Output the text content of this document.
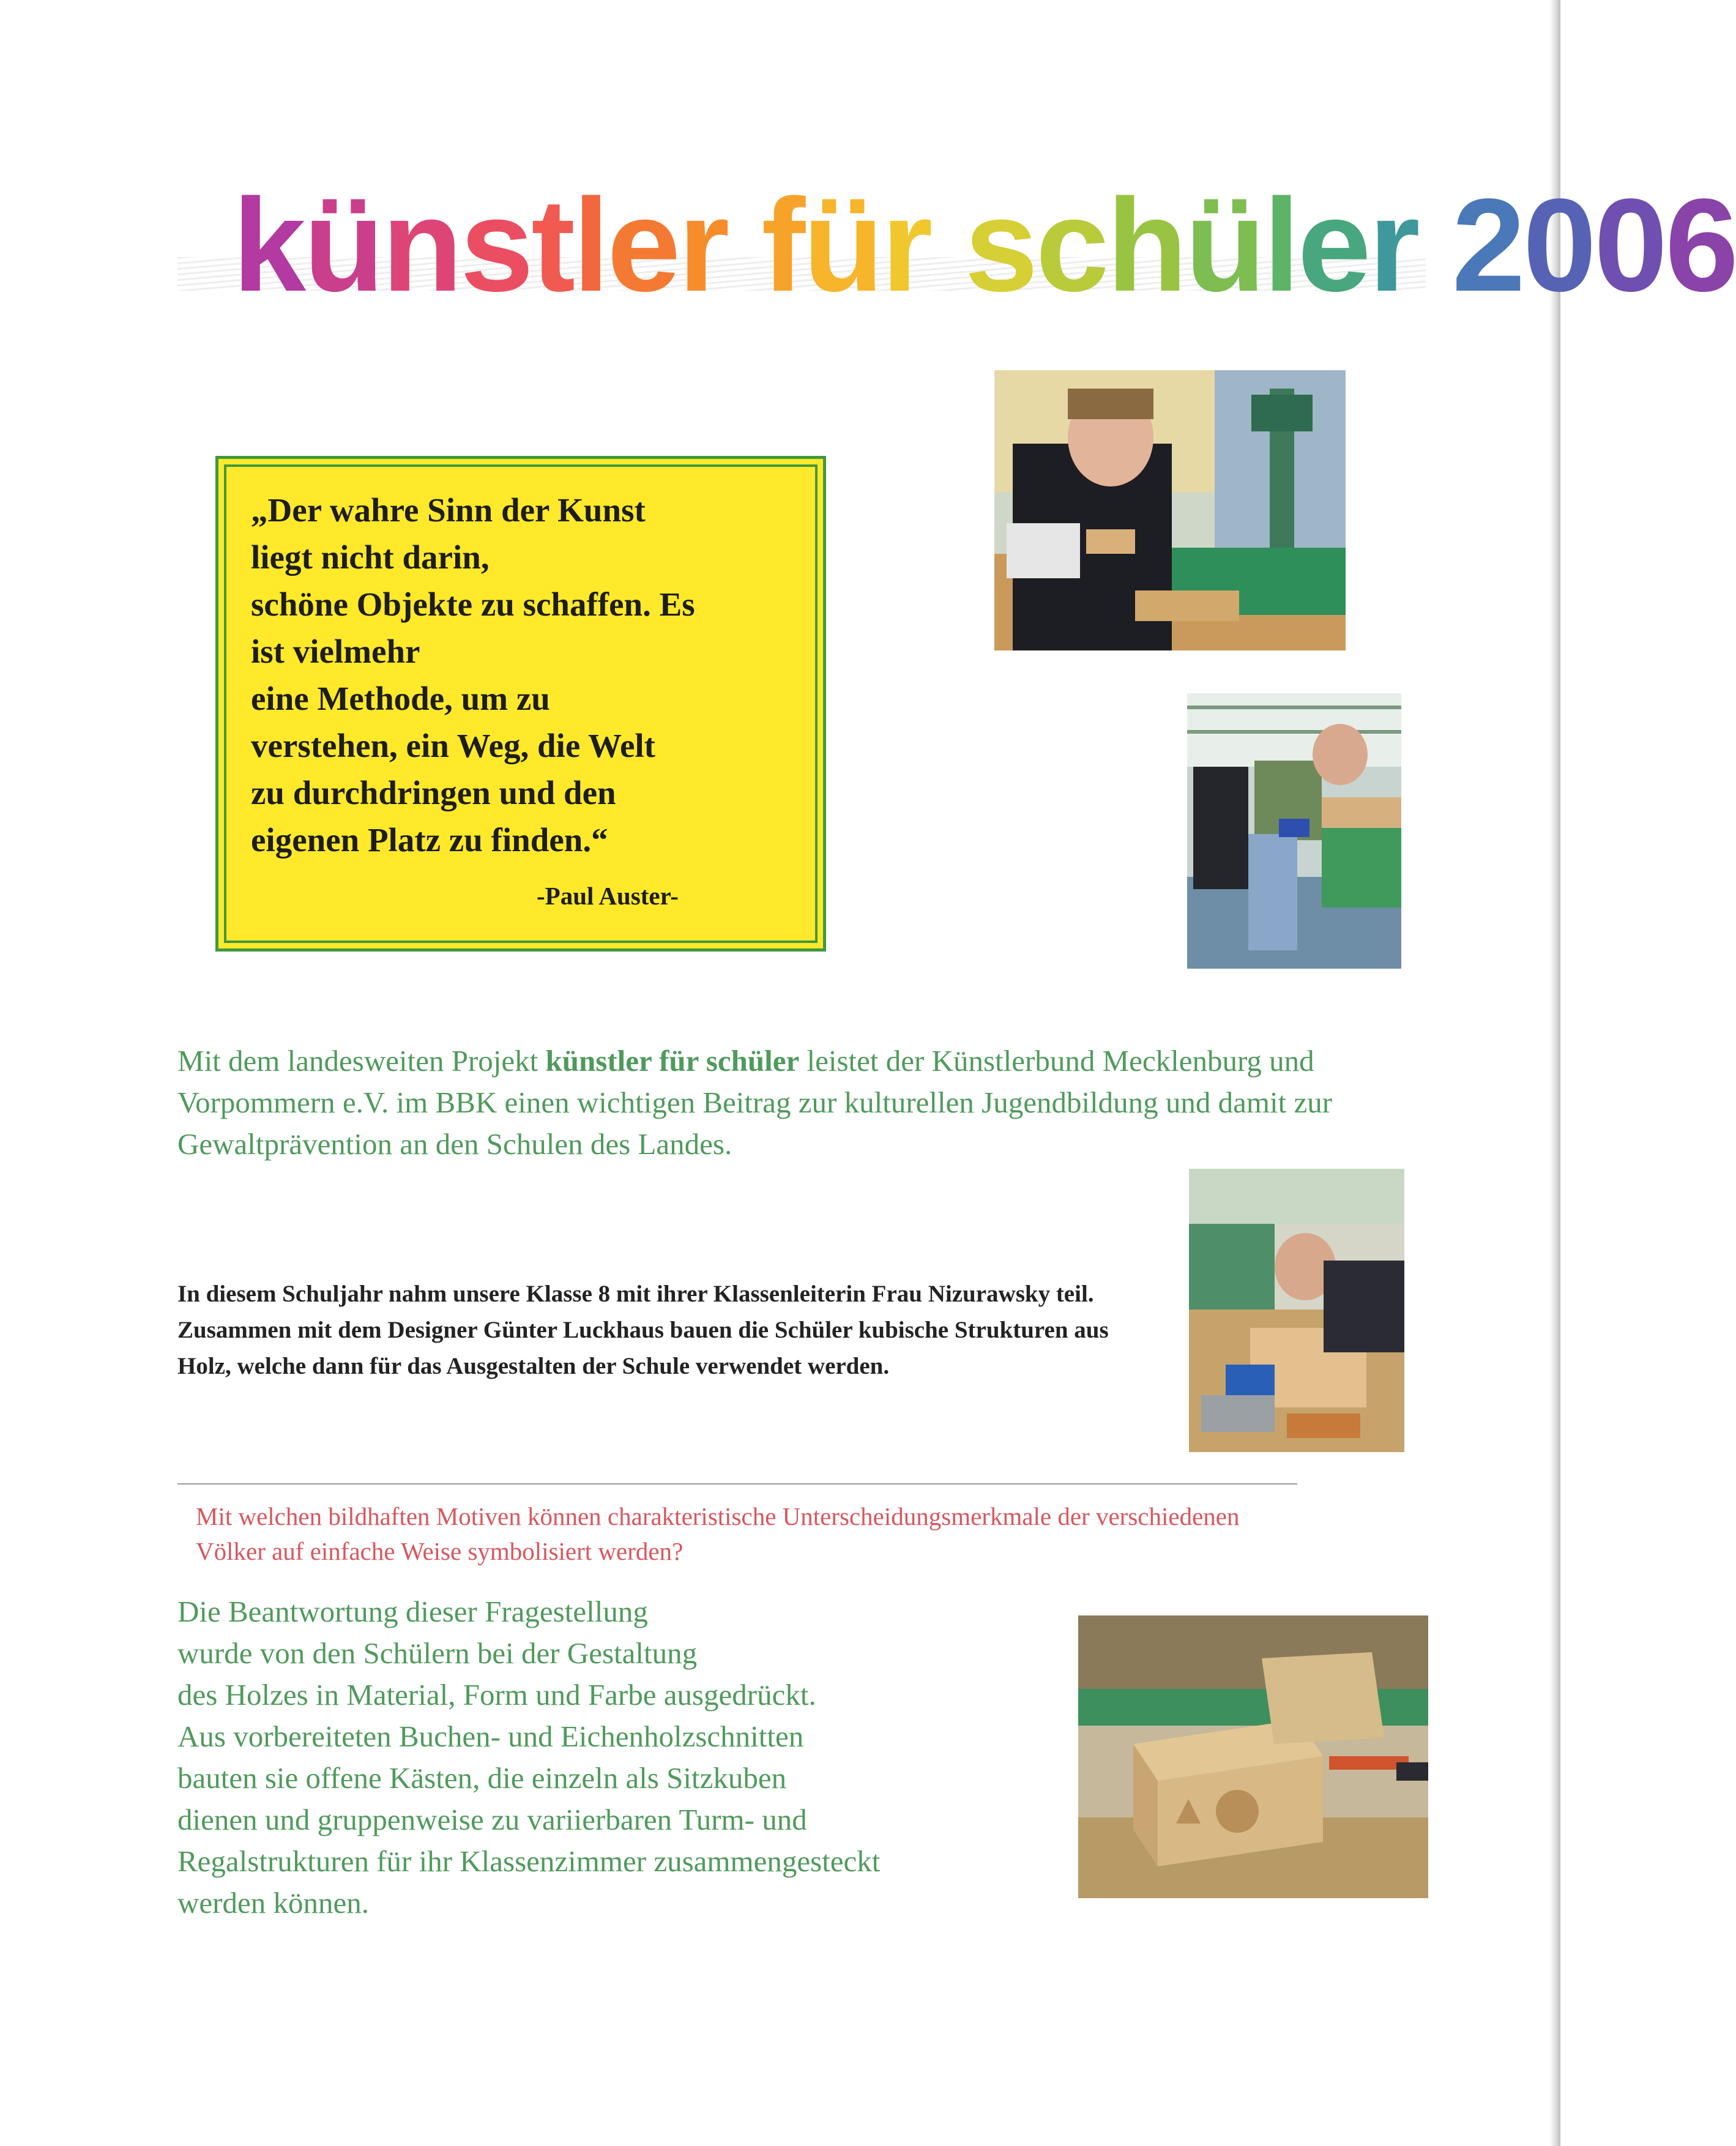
künstler für schüler 2006
„Der wahre Sinn der Kunst
liegt nicht darin,
schöne Objekte zu schaffen. Es
ist vielmehr
eine Methode, um zu
verstehen, ein Weg, die Welt
zu durchdringen und den
eigenen Platz zu finden.“
-Paul Auster-
Mit dem landesweiten Projekt künstler für schüler leistet der Künstlerbund Mecklenburg und Vorpommern e.V. im BBK einen wichtigen Beitrag zur kulturellen Jugendbildung und damit zur Gewaltprävention an den Schulen des Landes.
In diesem Schuljahr nahm unsere Klasse 8 mit ihrer Klassenleiterin Frau Nizurawsky teil. Zusammen mit dem Designer Günter Luckhaus bauen die Schüler kubische Strukturen aus Holz, welche dann für das Ausgestalten der Schule verwendet werden.
Mit welchen bildhaften Motiven können charakteristische Unterscheidungsmerkmale der verschiedenen Völker auf einfache Weise symbolisiert werden?
Die Beantwortung dieser Fragestellung
wurde von den Schülern bei der Gestaltung
des Holzes in Material, Form und Farbe ausgedrückt.
Aus vorbereiteten Buchen- und Eichenholzschnitten
bauten sie offene Kästen, die einzeln als Sitzkuben
dienen und gruppenweise zu variierbaren Turm- und
Regalstrukturen für ihr Klassenzimmer zusammengesteckt
werden können.
